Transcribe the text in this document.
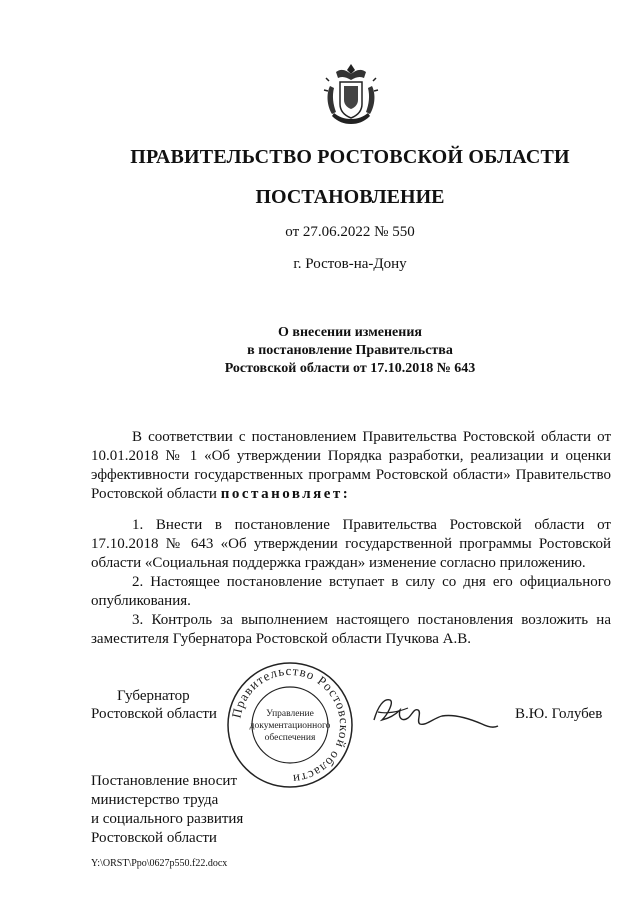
ПРАВИТЕЛЬСТВО РОСТОВСКОЙ ОБЛАСТИ
ПОСТАНОВЛЕНИЕ
от 27.06.2022 № 550
г. Ростов-на-Дону
О внесении изменения
в постановление Правительства
Ростовской области от 17.10.2018 № 643
В соответствии с постановлением Правительства Ростовской области от 10.01.2018 № 1 «Об утверждении Порядка разработки, реализации и оценки эффективности государственных программ Ростовской области» Правительство Ростовской области постановляет:
1. Внести в постановление Правительства Ростовской области от 17.10.2018 № 643 «Об утверждении государственной программы Ростовской области «Социальная поддержка граждан» изменение согласно приложению.
2. Настоящее постановление вступает в силу со дня его официального опубликования.
3. Контроль за выполнением настоящего постановления возложить на заместителя Губернатора Ростовской области Пучкова А.В.
Губернатор
Ростовской области Правительство Ростовской области
Управление
документационного
обеспечения
В.Ю. Голубев
Постановление вносит
министерство труда
и социального развития
Ростовской области
Y:\ORST\Ppo\0627p550.f22.docx
